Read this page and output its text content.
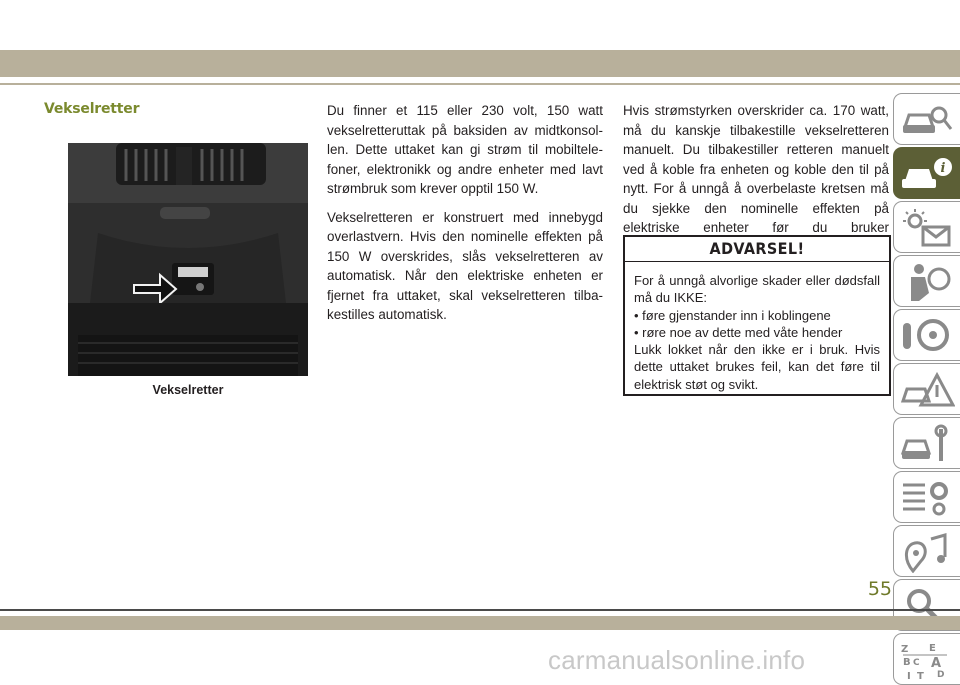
Vekselretter
Vekselretter

Du finner et 115 eller 230 volt, 150 watt vekselretteruttak på baksiden av midtkonsol-len. Dette uttaket kan gi strøm til mobiltele-foner, elektronikk og andre enheter med lavt strømbruk som krever opptil 150 W.

Vekselretteren er konstruert med innebygd overlastvern. Hvis den nominelle effekten på 150 W overskrides, slås vekselretteren av automatisk. Når den elektriske enheten er fjernet fra uttaket, skal vekselretteren tilba-kestilles automatisk.

Hvis strømstyrken overskrider ca. 170 watt, må du kanskje tilbakestille vekselretteren manuelt. Du tilbakestiller retteren manuelt ved å koble fra enheten og koble den til på nytt. For å unngå å overbelaste kretsen må du sjekke den nominelle effekten på elektriske enheter før du bruker

ADVARSEL!
For å unngå alvorlige skader eller dødsfall må du IKKE:
• føre gjenstander inn i koblingene
• røre noe av dette med våte hender
Lukk lokket når den ikke er i bruk. Hvis dette uttaket brukes feil, kan det føre til elektrisk støt og svikt.
i
Z E
B A
C
D
I T
55
carmanualsonline.info
